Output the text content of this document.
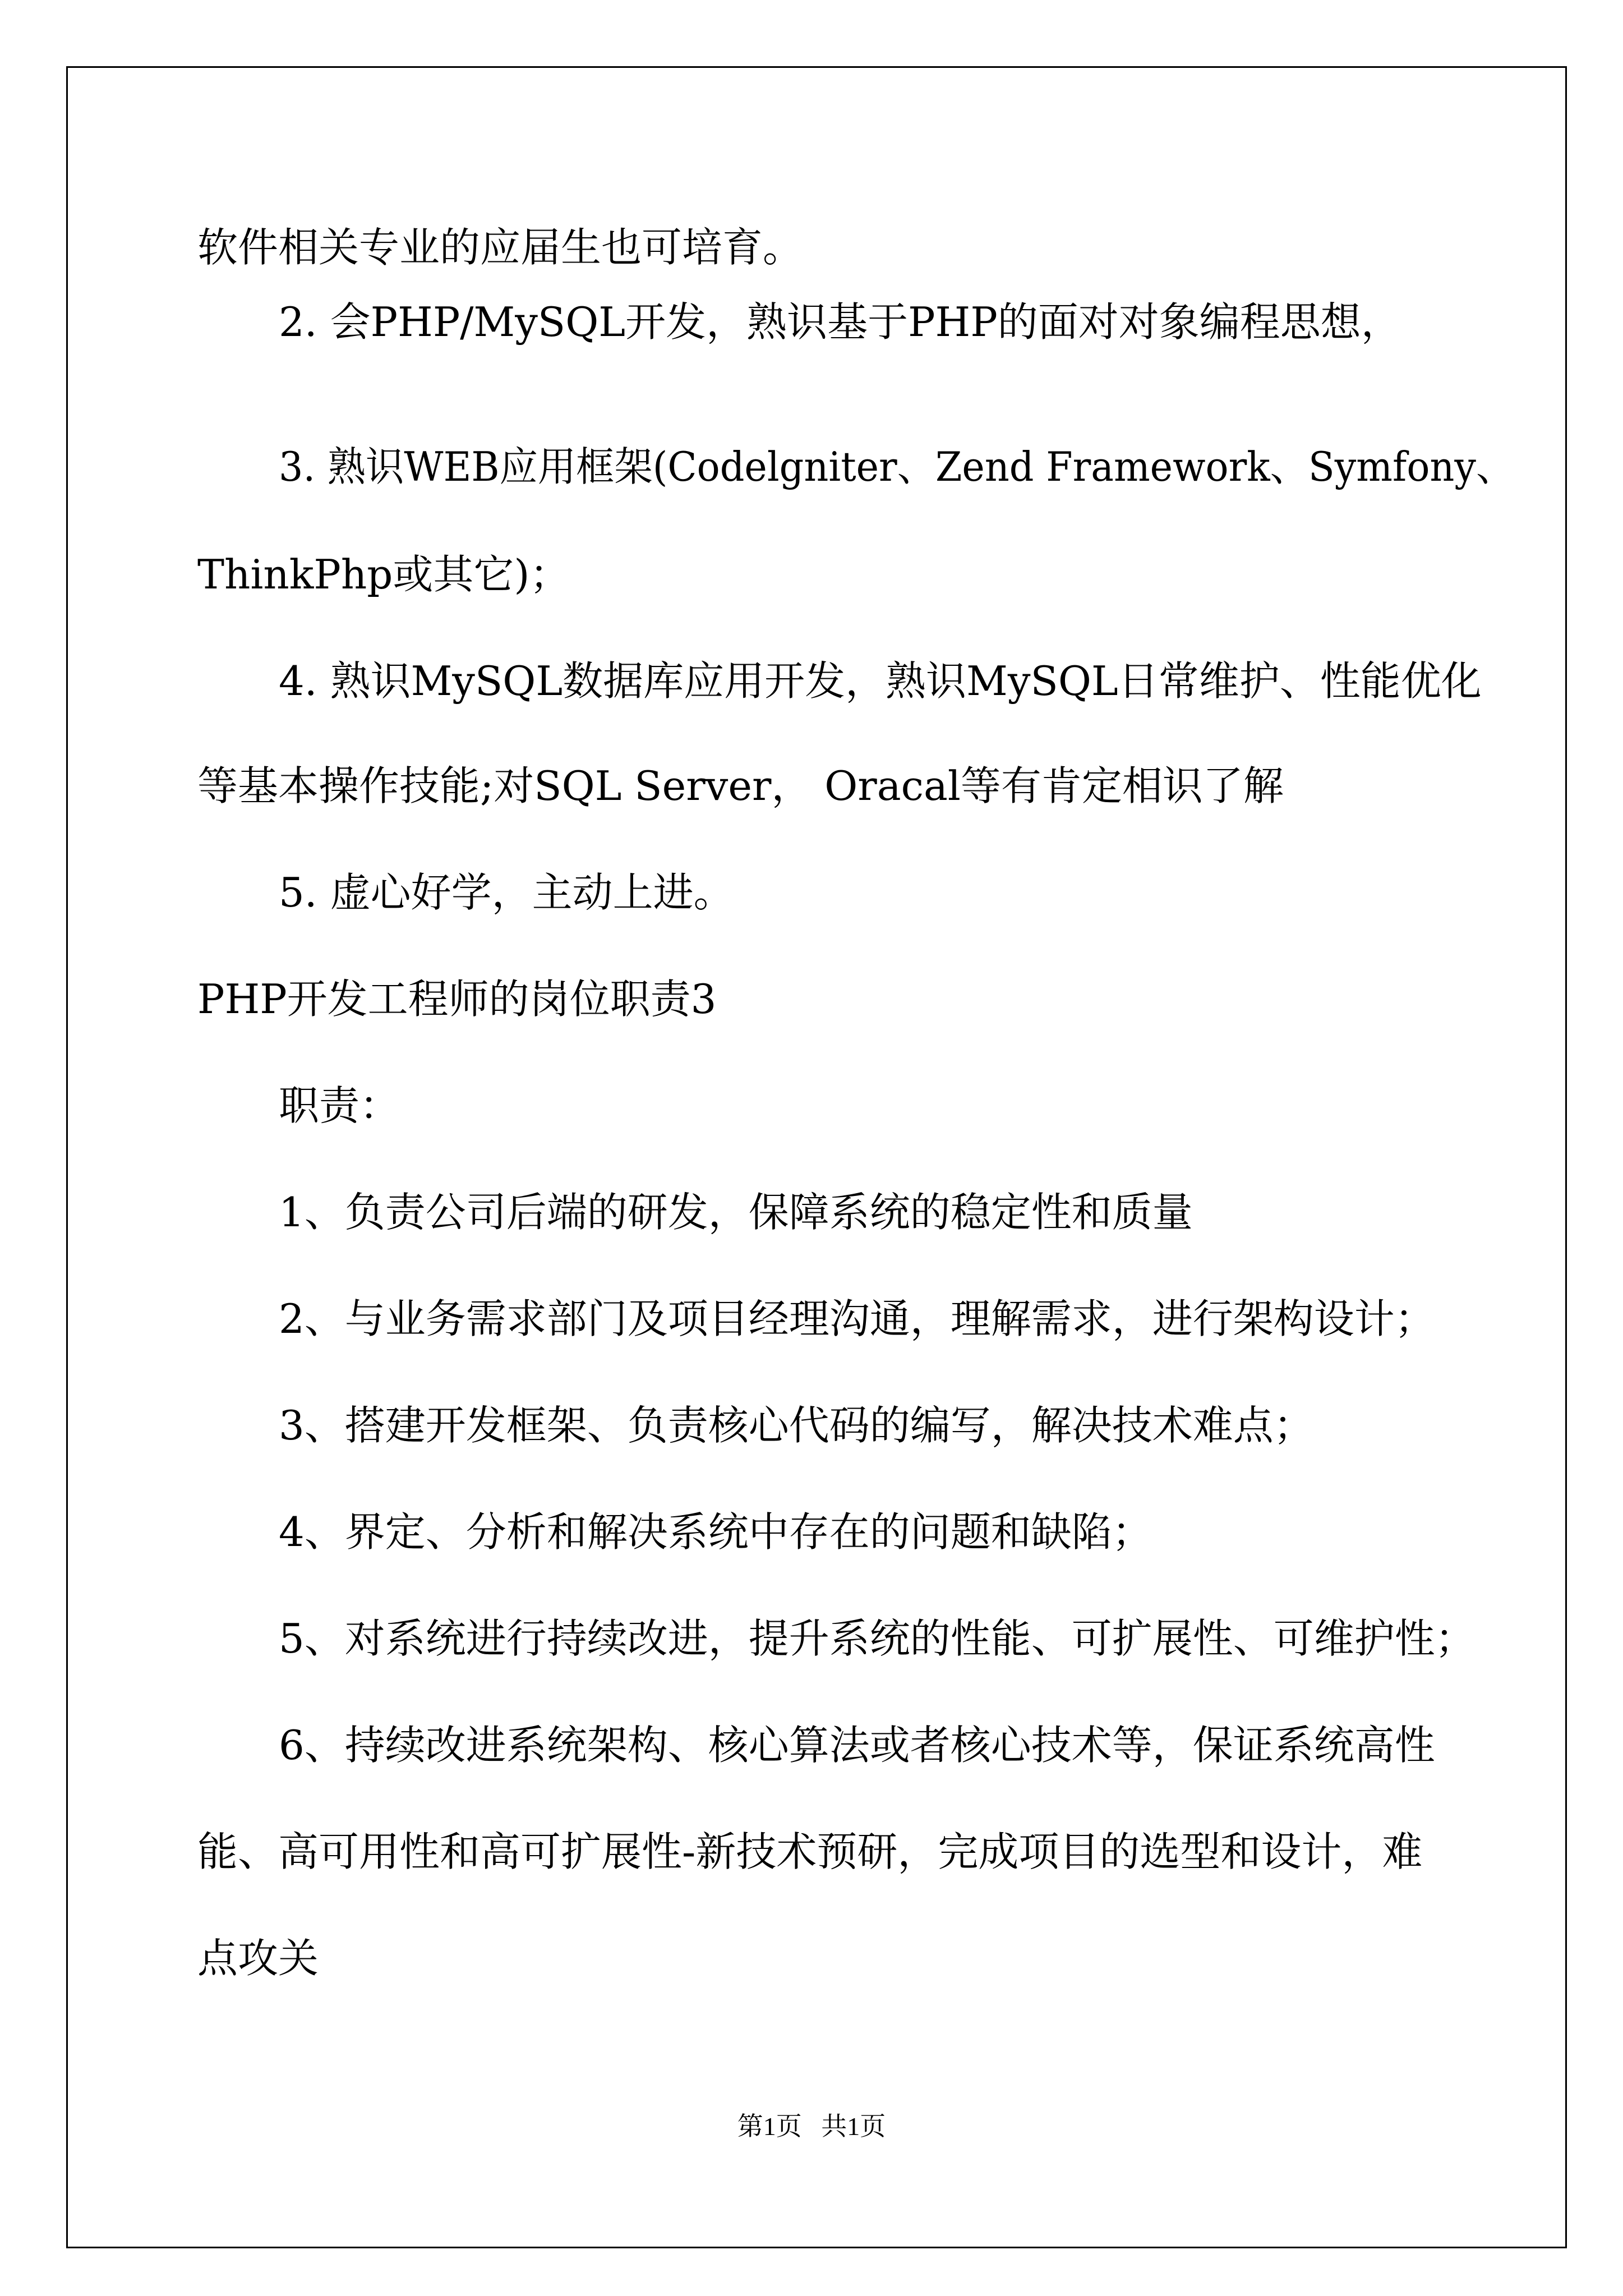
软件相关专业的应届生也可培育。
2. 会PHP/MySQL开发，熟识基于PHP的面对对象编程思想，
3. 熟识WEB应用框架(Codelgniter、Zend Framework、Symfony、
ThinkPhp或其它)；
4. 熟识MySQL数据库应用开发，熟识MySQL日常维护、性能优化
等基本操作技能;对SQL Server， Oracal等有肯定相识了解
5. 虚心好学，主动上进。
PHP开发工程师的岗位职责3
职责：
1、负责公司后端的研发，保障系统的稳定性和质量
2、与业务需求部门及项目经理沟通，理解需求，进行架构设计；
3、搭建开发框架、负责核心代码的编写，解决技术难点；
4、界定、分析和解决系统中存在的问题和缺陷；
5、对系统进行持续改进，提升系统的性能、可扩展性、可维护性；
6、持续改进系统架构、核心算法或者核心技术等，保证系统高性
能、高可用性和高可扩展性-新技术预研，完成项目的选型和设计，难
点攻关
第1页   共1页
